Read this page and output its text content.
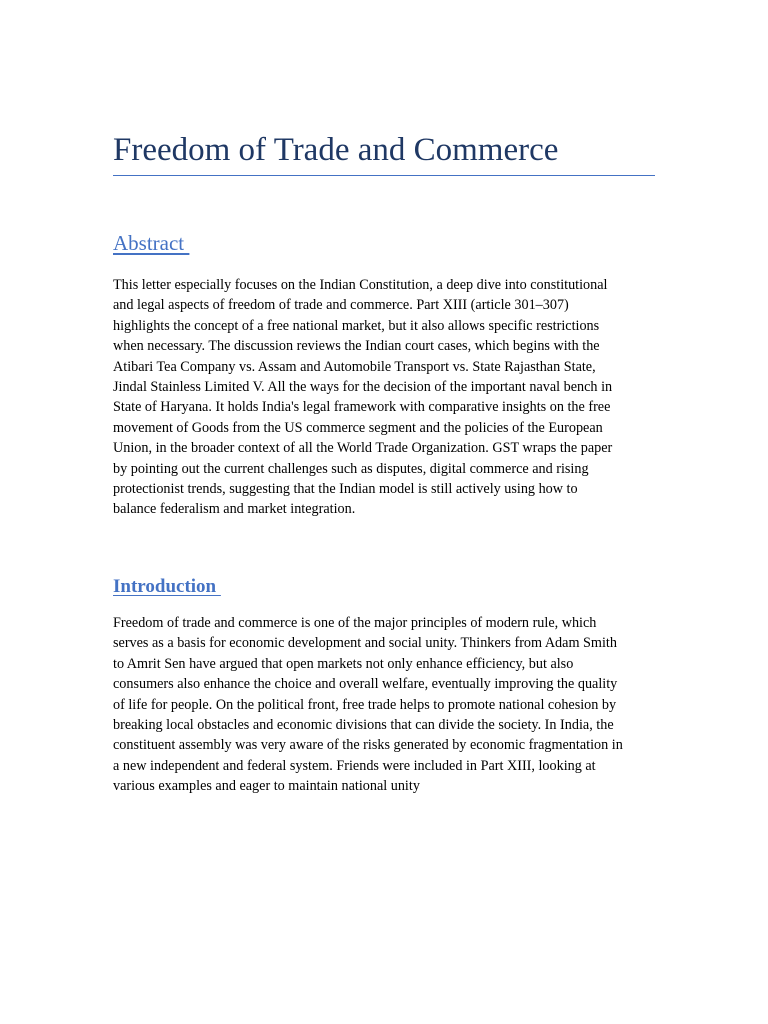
Freedom of Trade and Commerce
Abstract

This letter especially focuses on the Indian Constitution, a deep dive into constitutional
and legal aspects of freedom of trade and commerce. Part XIII (article 301–307)
highlights the concept of a free national market, but it also allows specific restrictions
when necessary. The discussion reviews the Indian court cases, which begins with the
Atibari Tea Company vs. Assam and Automobile Transport vs. State Rajasthan State,
Jindal Stainless Limited V. All the ways for the decision of the important naval bench in
State of Haryana. It holds India's legal framework with comparative insights on the free
movement of Goods from the US commerce segment and the policies of the European
Union, in the broader context of all the World Trade Organization. GST wraps the paper
by pointing out the current challenges such as disputes, digital commerce and rising
protectionist trends, suggesting that the Indian model is still actively using how to
balance federalism and market integration.

Introduction

Freedom of trade and commerce is one of the major principles of modern rule, which
serves as a basis for economic development and social unity. Thinkers from Adam Smith
to Amrit Sen have argued that open markets not only enhance efficiency, but also
consumers also enhance the choice and overall welfare, eventually improving the quality
of life for people. On the political front, free trade helps to promote national cohesion by
breaking local obstacles and economic divisions that can divide the society. In India, the
constituent assembly was very aware of the risks generated by economic fragmentation in
a new independent and federal system. Friends were included in Part XIII, looking at
various examples and eager to maintain national unity
